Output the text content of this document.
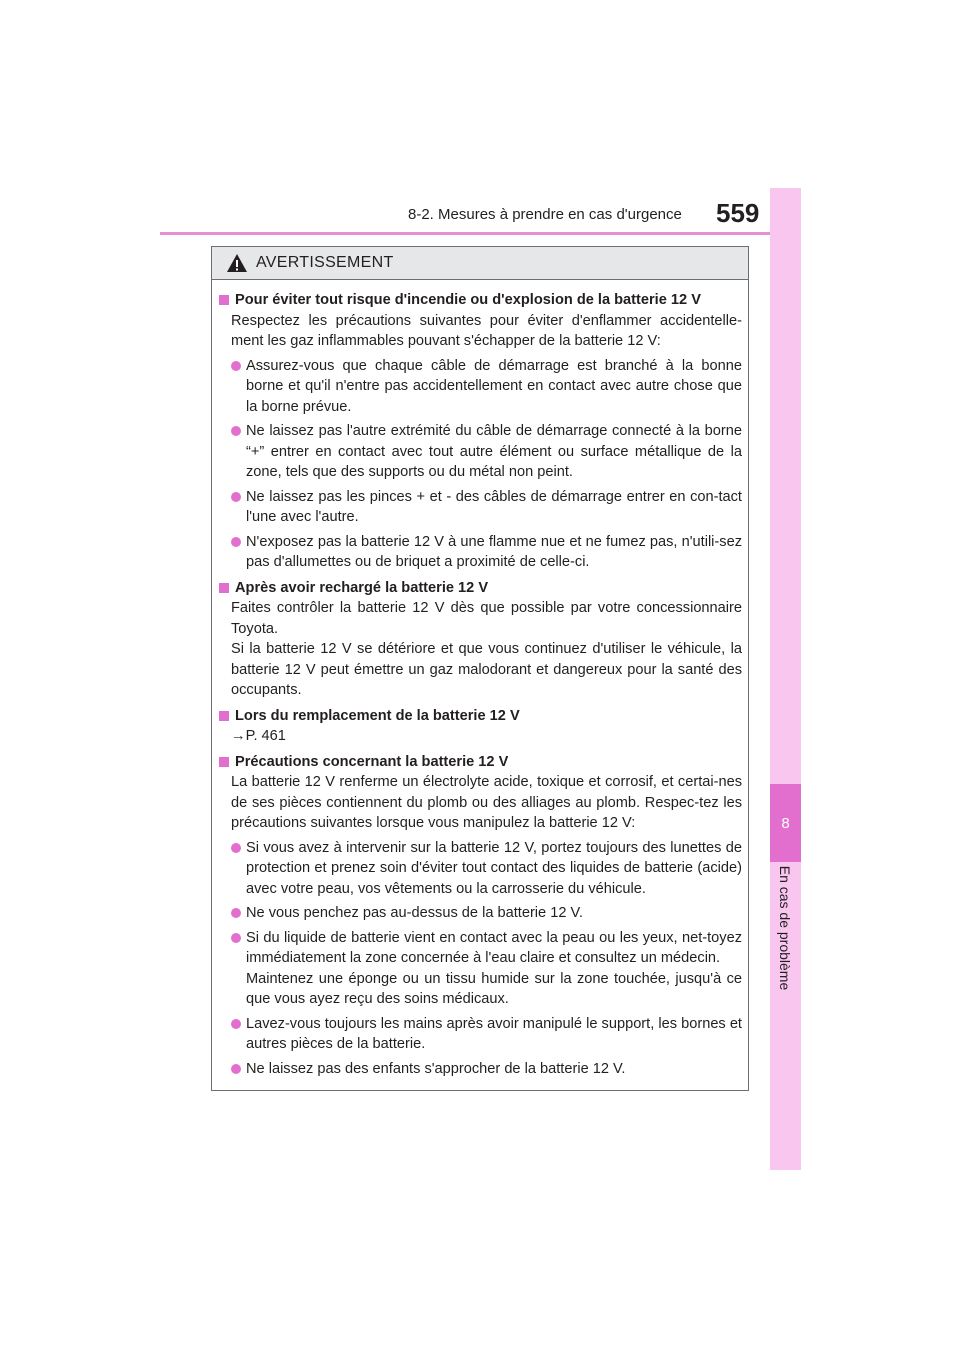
8-2. Mesures à prendre en cas d'urgence 559
8
En cas de problème
AVERTISSEMENT
Pour éviter tout risque d'incendie ou d'explosion de la batterie 12 V
Respectez les précautions suivantes pour éviter d'enflammer accidentelle-ment les gaz inflammables pouvant s'échapper de la batterie 12 V:
Assurez-vous que chaque câble de démarrage est branché à la bonne borne et qu'il n'entre pas accidentellement en contact avec autre chose que la borne prévue.
Ne laissez pas l'autre extrémité du câble de démarrage connecté à la borne “+” entrer en contact avec tout autre élément ou surface métallique de la zone, tels que des supports ou du métal non peint.
Ne laissez pas les pinces + et - des câbles de démarrage entrer en con-tact l'une avec l'autre.
N'exposez pas la batterie 12 V à une flamme nue et ne fumez pas, n'utili-sez pas d'allumettes ou de briquet a proximité de celle-ci.
Après avoir rechargé la batterie 12 V
Faites contrôler la batterie 12 V dès que possible par votre concessionnaire Toyota.
Si la batterie 12 V se détériore et que vous continuez d'utiliser le véhicule, la batterie 12 V peut émettre un gaz malodorant et dangereux pour la santé des occupants.
Lors du remplacement de la batterie 12 V
→P. 461
Précautions concernant la batterie 12 V
La batterie 12 V renferme un électrolyte acide, toxique et corrosif, et certai-nes de ses pièces contiennent du plomb ou des alliages au plomb. Respec-tez les précautions suivantes lorsque vous manipulez la batterie 12 V:
Si vous avez à intervenir sur la batterie 12 V, portez toujours des lunettes de protection et prenez soin d'éviter tout contact des liquides de batterie (acide) avec votre peau, vos vêtements ou la carrosserie du véhicule.
Ne vous penchez pas au-dessus de la batterie 12 V.
Si du liquide de batterie vient en contact avec la peau ou les yeux, net-toyez immédiatement la zone concernée à l'eau claire et consultez un médecin.
Maintenez une éponge ou un tissu humide sur la zone touchée, jusqu'à ce que vous ayez reçu des soins médicaux.
Lavez-vous toujours les mains après avoir manipulé le support, les bornes et autres pièces de la batterie.
Ne laissez pas des enfants s'approcher de la batterie 12 V.
